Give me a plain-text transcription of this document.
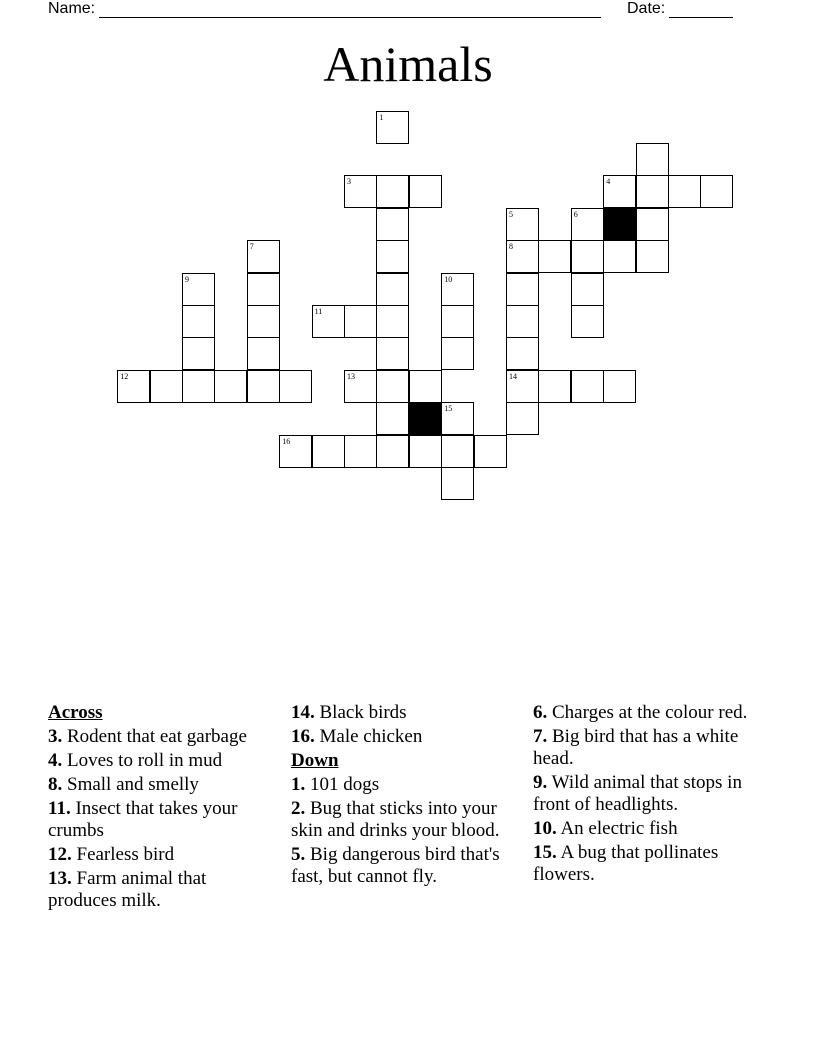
Name:	Date:
Animals
1
3	4
5	6
7	8
9	10
11
12	13	14
15
16
Across
3. Rodent that eat garbage
4. Loves to roll in mud
8. Small and smelly
11. Insect that takes your crumbs
12. Fearless bird
13. Farm animal that produces milk.
14. Black birds
16. Male chicken
Down
1. 101 dogs
2. Bug that sticks into your skin and drinks your blood.
5. Big dangerous bird that's fast, but cannot fly.
6. Charges at the colour red.
7. Big bird that has a white head.
9. Wild animal that stops in front of headlights.
10. An electric fish
15. A bug that pollinates flowers.
